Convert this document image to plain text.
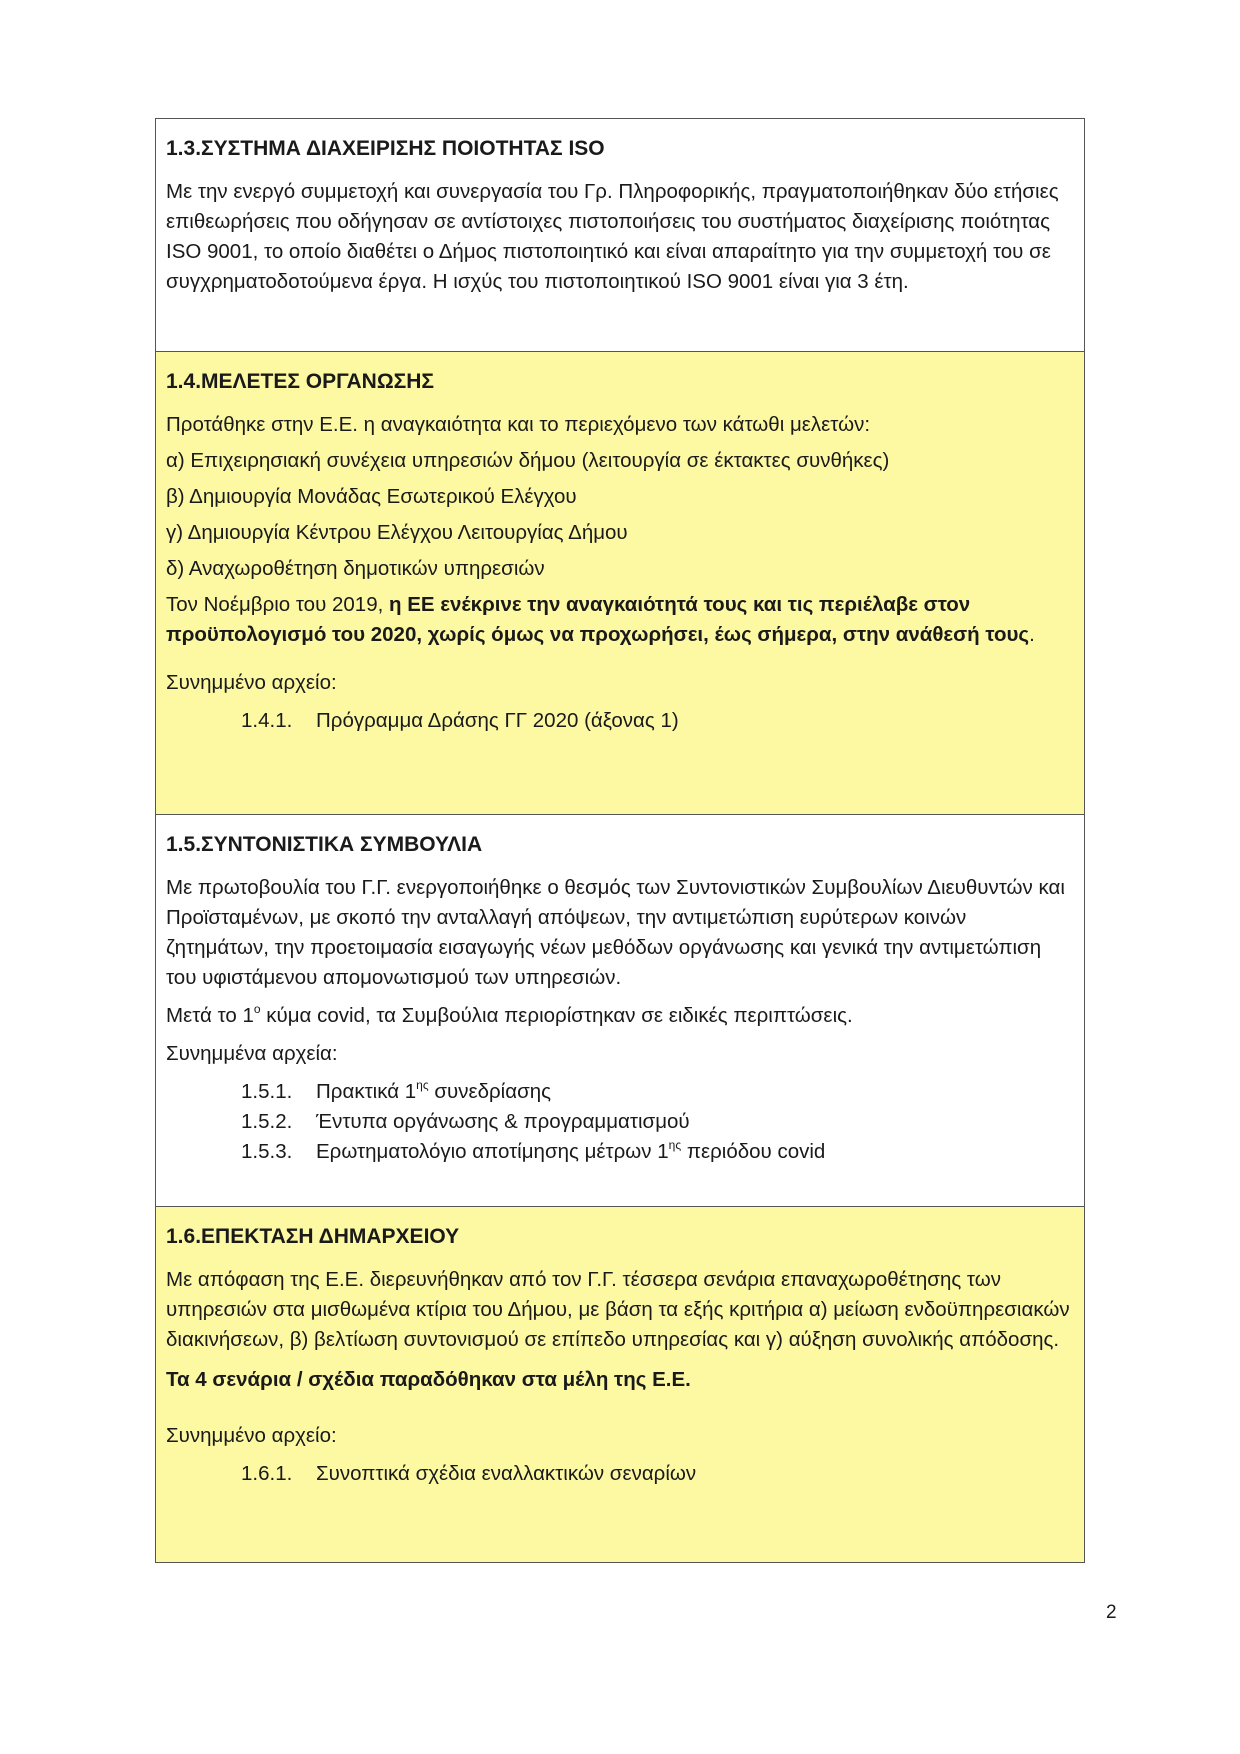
1.3.ΣΥΣΤΗΜΑ ΔΙΑΧΕΙΡΙΣΗΣ ΠΟΙΟΤΗΤΑΣ ISO
Με την ενεργό συμμετοχή και συνεργασία του Γρ. Πληροφορικής, πραγματοποιήθηκαν δύο ετήσιες επιθεωρήσεις που οδήγησαν σε αντίστοιχες πιστοποιήσεις του συστήματος διαχείρισης ποιότητας ISO 9001, το οποίο διαθέτει ο Δήμος πιστοποιητικό και είναι απαραίτητο για την συμμετοχή του σε συγχρηματοδοτούμενα έργα. Η ισχύς του πιστοποιητικού ISO 9001 είναι για 3 έτη.
1.4.ΜΕΛΕΤΕΣ ΟΡΓΑΝΩΣΗΣ
Προτάθηκε στην Ε.Ε. η αναγκαιότητα και το περιεχόμενο των κάτωθι μελετών:
α) Επιχειρησιακή συνέχεια υπηρεσιών δήμου (λειτουργία σε έκτακτες συνθήκες)
β) Δημιουργία Μονάδας Εσωτερικού Ελέγχου
γ) Δημιουργία Κέντρου Ελέγχου Λειτουργίας Δήμου
δ) Αναχωροθέτηση δημοτικών υπηρεσιών
Τον Νοέμβριο του 2019, η ΕΕ ενέκρινε την αναγκαιότητά τους και τις περιέλαβε στον προϋπολογισμό του 2020, χωρίς όμως να προχωρήσει, έως σήμερα, στην ανάθεσή τους.
Συνημμένο αρχείο:
1.4.1.	Πρόγραμμα Δράσης ΓΓ 2020 (άξονας 1)
1.5.ΣΥΝΤΟΝΙΣΤΙΚΑ ΣΥΜΒΟΥΛΙΑ
Με πρωτοβουλία του Γ.Γ. ενεργοποιήθηκε ο θεσμός των Συντονιστικών Συμβουλίων Διευθυντών και Προϊσταμένων, με σκοπό την ανταλλαγή απόψεων, την αντιμετώπιση ευρύτερων κοινών ζητημάτων, την προετοιμασία εισαγωγής νέων μεθόδων οργάνωσης και γενικά την αντιμετώπιση του υφιστάμενου απομονωτισμού των υπηρεσιών.
Μετά το $1^o$ κύμα covid, τα Συμβούλια περιορίστηκαν σε ειδικές περιπτώσεις.
Συνημμένα αρχεία:
1.5.1.	Πρακτικά $1^{\eta\varsigma}$ συνεδρίασης
1.5.2.	Έντυπα οργάνωσης & προγραμματισμού
1.5.3.	Ερωτηματολόγιο αποτίμησης μέτρων $1^{\eta\varsigma}$ περιόδου covid
1.6.ΕΠΕΚΤΑΣΗ ΔΗΜΑΡΧΕΙΟΥ
Με απόφαση της Ε.Ε. διερευνήθηκαν από τον Γ.Γ. τέσσερα σενάρια επαναχωροθέτησης των υπηρεσιών στα μισθωμένα κτίρια του Δήμου, με βάση τα εξής κριτήρια α) μείωση ενδοϋπηρεσιακών διακινήσεων, β) βελτίωση συντονισμού σε επίπεδο υπηρεσίας και γ) αύξηση συνολικής απόδοσης.
Τα 4 σενάρια / σχέδια παραδόθηκαν στα μέλη της Ε.Ε.
Συνημμένο αρχείο:
1.6.1.	Συνοπτικά σχέδια εναλλακτικών σεναρίων
2
